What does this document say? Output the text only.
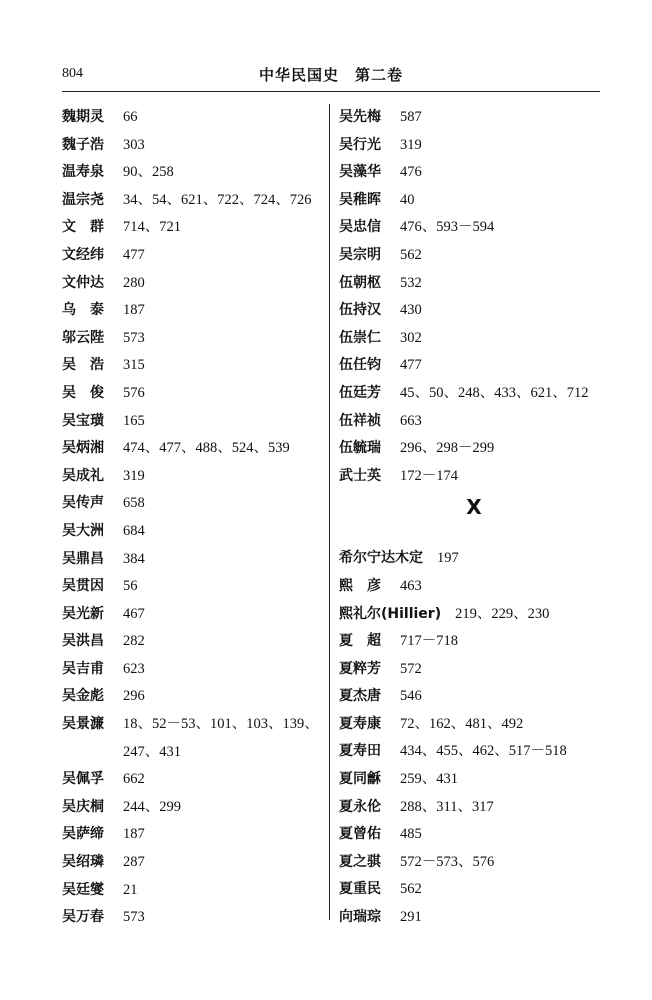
804	中华民国史　第二卷
魏期灵	66
魏子浩	303
温寿泉	90、258
温宗尧	34、54、621、722、724、726
文　群	714、721
文经纬	477
文仲达	280
乌　泰	187
邬云陛	573
吴　浩	315
吴　俊	576
吴宝璜	165
吴炳湘	474、477、488、524、539
吴成礼	319
吴传声	658
吴大洲	684
吴鼎昌	384
吴贯因	56
吴光新	467
吴洪昌	282
吴吉甫	623
吴金彪	296
吴景濂	18、52－53、101、103、139、247、431
吴佩孚	662
吴庆桐	244、299
吴萨缔	187
吴绍璘	287
吴廷燮	21
吴万春	573
吴先梅	587
吴行光	319
吴藻华	476
吴稚晖	40
吴忠信	476、593－594
吴宗明	562
伍朝枢	532
伍持汉	430
伍崇仁	302
伍任钧	477
伍廷芳	45、50、248、433、621、712
伍祥祯	663
伍毓瑞	296、298－299
武士英	172－174
X
希尔宁达木定 197
熙　彦	463
熙礼尔(Hillier) 219、229、230
夏　超	717－718
夏粹芳	572
夏杰唐	546
夏寿康	72、162、481、492
夏寿田	434、455、462、517－518
夏同龢	259、431
夏永伦	288、311、317
夏曾佑	485
夏之骐	572－573、576
夏重民	562
向瑞琮	291
